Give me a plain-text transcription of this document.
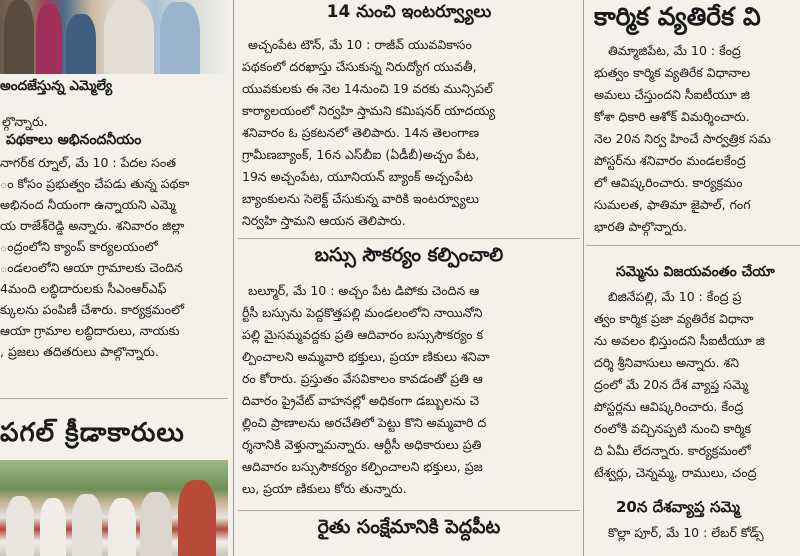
అందజేస్తున్న ఎమ్మెల్యే
ల్గొన్నారు.
పథకాలు అభినందనీయం
నాగర్‌క ర్నూల్, మే 10 : పేదల సంత
ం కోసం ప్రభుత్వం చేపడు తున్న పథకా
అభినంద నీయంగా ఉన్నాయని ఎమ్మె
య రాజేశ్‌రెడ్డి అన్నారు. శనివారం జిల్లా
ంద్రంలోని క్యాంప్ కార్యలయంలో
ండలంలోని ఆయా గ్రామాలకు చెందిన
4మంది లబ్ధిదారులకు సీఎంఆర్‌ఎఫ్
క్కులను పంపిణీ చేశారు. కార్యక్రమంలో
ఆయా గ్రామాల లబ్ధిదారులు, నాయకు
, ప్రజలు తదితరులు పాల్గొన్నారు.
పగల్ క్రీడాకారులు
14 నుంచి ఇంటర్వ్యూలు
అచ్చంపేట టౌన్, మే 10 : రాజీవ్ యువవికాసం
పథకంలో దరఖాస్తు చేసుకున్న నిరుద్యోగ యువతీ,
యువకులకు ఈ నెల 14నుంచి 19 వరకు మున్సిపల్
కార్యాలయంలో నిర్వహి స్తామని కమిషనర్ యాదయ్య
శనివారం ఓ ప్రకటనలో తెలిపారు. 14న తెలంగాణ
గ్రామీణబ్యాంక్, 16న ఎస్‌బీఐ (ఏడీబీ)అచ్చం పేట,
19న అచ్చంపేట, యూనియన్ బ్యాంక్ అచ్చంపేట
బ్యాంకులను సెలెక్ట్ చేసుకున్న వారికి ఇంటర్వ్యూలు
నిర్వహి స్తామని ఆయన తెలిపారు.
బస్సు సౌకర్యం కల్పించాలి
బల్మూర్, మే 10 : అచ్చం పేట డిపోకు చెందిన ఆ
ర్టీసీ బస్సును పెద్దకొత్తపల్లి మండలంలోని నాయినోని
పల్లి మైసమ్మవద్దకు ప్రతి ఆదివారం బస్సుసౌకర్యం క
ల్పించాలని అమ్మవారి భక్తులు, ప్రయా ణికులు శనివా
రం కోరారు. ప్రస్తుతం వేసవికాలం కావడంతో ప్రతి ఆ
దివారం ప్రైవేట్ వాహనల్లో అధికంగా డబ్బులను చె
ల్లించి ప్రాణాలను అరచేతిలో పెట్టు కొని అమ్మవారి ద
ర్శనానికి వెళ్తున్నామన్నారు. ఆర్టీసీ అధికారులు ప్రతి
ఆదివారం బస్సుసౌకర్యం కల్పించాలని భక్తులు, ప్రజ
లు, ప్రయా ణికులు కోరు తున్నారు.
రైతు సంక్షేమానికి పెద్దపీట
కార్మిక వ్యతిరేక వి
తిమ్మాజిపేట, మే 10 : కేంద్ర
భుత్వం కార్మిక వ్యతిరేక విధానాల
అమలు చేస్తుందని సీఐటీయూ జి
కోశా ధికారి ఆశోక్ విమర్శించారు.
నెల 20న నిర్వ హించే సార్వత్రిక సమ
పోస్టర్‌ను శనివారం మండలకేంద్ర
లో ఆవిష్కరించారు. కార్యక్రమం
సుమలత, ఫాతిమా జైపాల్, గంగ
భారతి పాల్గొన్నారు.
సమ్మెను విజయవంతం చేయా
బిజినేపల్లి, మే 10 : కేంద్ర ప్ర
త్వం కార్మిక ప్రజా వ్యతిరేక విధానా
ను అవలం భిస్తుందని సీఐటీయూ జి
దర్శి శ్రీనివాసులు అన్నారు. శని
ద్రంలో మే 20న దేశ వ్యాప్త సమ్మె
పోస్టర్లను ఆవిష్కరించారు. కేంద్ర
రంలోకి వచ్చినప్పటి నుంచి కార్మిక
ది ఏమీ లేదన్నారు. కార్యక్రమంలో
టేశ్వర్లు, చెన్నమ్మ, రాములు, చంద్ర
20న దేశవ్యాప్త సమ్మె
కొల్లా పూర్, మే 10 : లేబర్ కోడ్స్
